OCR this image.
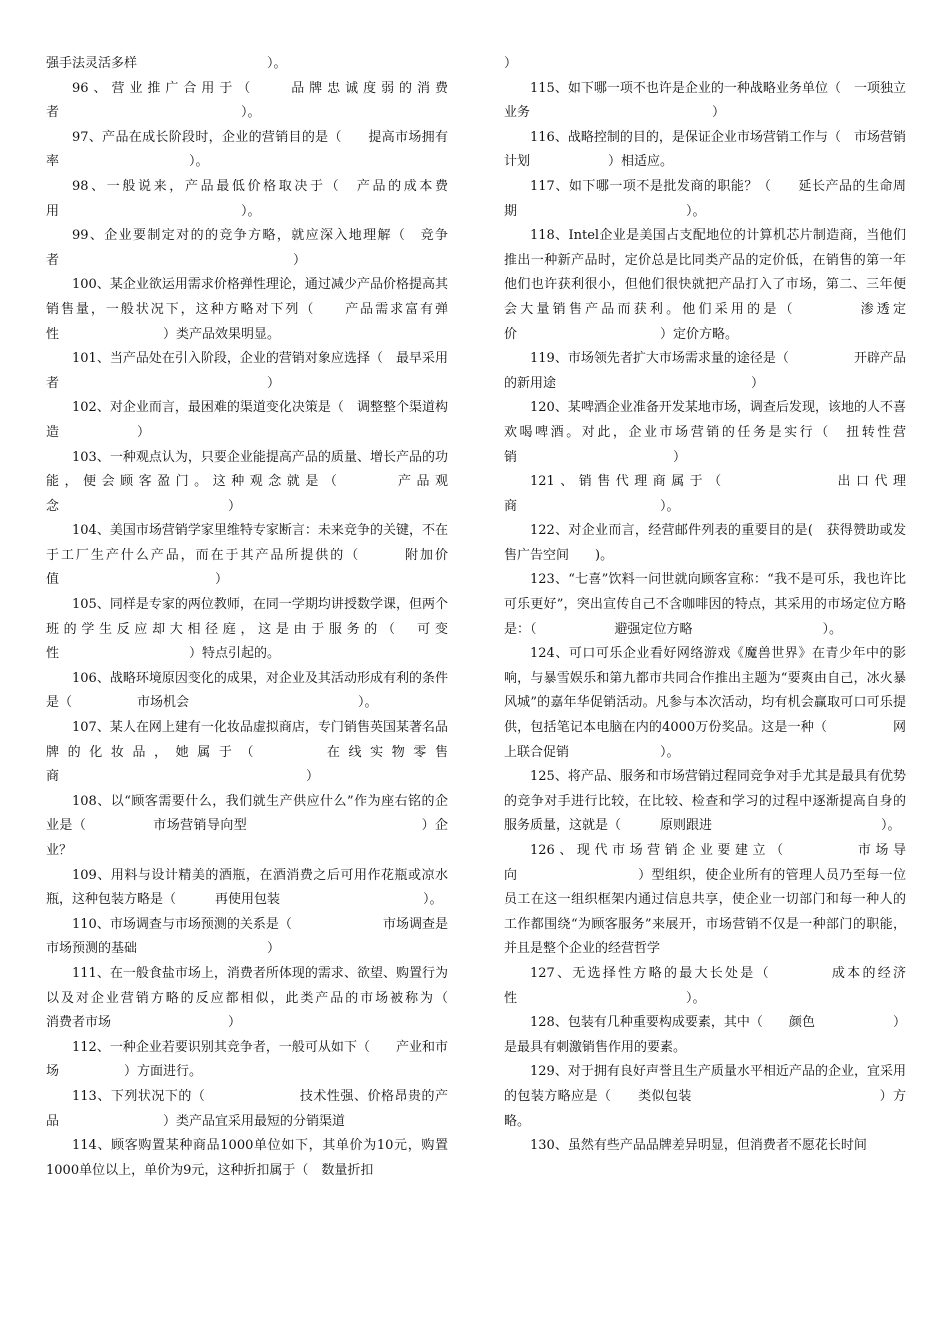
强手法灵活多样　　　　　　　　　　）。

96、营业推广合用于（　　品牌忠诚度弱的消费者　　　　　　　　　　　　　　）。

97、产品在成长阶段时，企业的营销目的是（　　提高市场拥有率　　　　　　　　　　）。

98、一般说来，产品最低价格取决于（　产品的成本费用　　　　　　　　　　　　　　）。

99、企业要制定对的的竞争方略，就应深入地理解（　竞争者　　　　　　　　　　　　　　　　　　）

100、某企业欲运用需求价格弹性理论，通过减少产品价格提高其销售量，一般状况下，这种方略对下列（　　产品需求富有弹性　　　　　　　　）类产品效果明显。

101、当产品处在引入阶段，企业的营销对象应选择（　最早采用者　　　　　　　　　　　　　　　　）

102、对企业而言，最困难的渠道变化决策是（　调整整个渠道构造　　　　　　）

103、一种观点认为，只要企业能提高产品的质量、增长产品的功能，便会顾客盈门。这种观念就是（　　　产品观念　　　　　　　　　　　　　）

104、美国市场营销学家里维特专家断言：未来竞争的关键，不在于工厂生产什么产品，而在于其产品所提供的（　　　附加价值　　　　　　　　　　　　）

105、同样是专家的两位教师，在同一学期均讲授数学课，但两个班的学生反应却大相径庭，这是由于服务的（　可变性　　　　　　　　　　）特点引起的。

106、战略环境原因变化的成果，对企业及其活动形成有利的条件是（　　　　　市场机会　　　　　　　　　　　　　）。

107、某人在网上建有一化妆品虚拟商店，专门销售英国某著名品牌的化妆品，她属于（　　　在线实物零售商　　　　　　　　　　　　　　　　　　　）

108、以“顾客需要什么，我们就生产供应什么”作为座右铭的企业是（　　　　　市场营销导向型　　　　　　　　　　　　　）企业？

109、用料与设计精美的酒瓶，在酒消费之后可用作花瓶或凉水瓶，这种包装方略是（　　　再使用包装　　　　　　　　　　　）。

110、市场调查与市场预测的关系是（　　　　　　　市场调查是市场预测的基础　　　　　　　　　　）

111、在一般食盐市场上，消费者所体现的需求、欲望、购置行为以及对企业营销方略的反应都相似，此类产品的市场被称为（　　　　　　消费者市场　　　　　　　　　）

112、一种企业若要识别其竞争者，一般可从如下（　　产业和市场　　　　　）方面进行。

113、下列状况下的（　　　　　　　技术性强、价格昂贵的产品　　　　　　　　）类产品宜采用最短的分销渠道

114、顾客购置某种商品1000单位如下，其单价为10元，购置1000单位以上，单价为9元，这种折扣属于（　数量折扣

）

115、如下哪一项不也许是企业的一种战略业务单位（　一项独立业务　　　　　　　　　　　　　　）

116、战略控制的目的，是保证企业市场营销工作与（　市场营销计划　　　　　　）相适应。

117、如下哪一项不是批发商的职能？（　　延长产品的生命周期　　　　　　　　　　　　　）。

118、Intel企业是美国占支配地位的计算机芯片制造商，当他们推出一种新产品时，定价总是比同类产品的定价低，在销售的第一年他们也许获利很小，但他们很快就把产品打入了市场，第二、三年便会大量销售产品而获利。他们采用的是（　　　　渗透定价　　　　　　　　　　　）定价方略。

119、市场领先者扩大市场需求量的途径是（　　　　　开辟产品的新用途　　　　　　　　　　　　　　　）

120、某啤酒企业准备开发某地市场，调查后发现，该地的人不喜欢喝啤酒。对此，企业市场营销的任务是实行（　扭转性营销　　　　　　　　　　　　）

121、销售代理商属于（　　　　　　出口代理商　　　　　　　　　　　）。

122、对企业而言，经营邮件列表的重要目的是(　获得赞助或发售广告空间　　)。

123、“七喜”饮料一问世就向顾客宣称：“我不是可乐，我也许比可乐更好”，突出宣传自己不含咖啡因的特点，其采用的市场定位方略是：（　　　　　　避强定位方略　　　　　　　　　　）。

124、可口可乐企业看好网络游戏《魔兽世界》在青少年中的影响，与暴雪娱乐和第九都市共同合作推出主题为“要爽由自己，冰火暴风城”的嘉年华促销活动。凡参与本次活动，均有机会赢取可口可乐提供，包括笔记本电脑在内的4000万份奖品。这是一种（　　　　　网上联合促销　　　　　　　）。

125、将产品、服务和市场营销过程同竞争对手尤其是最具有优势的竞争对手进行比较，在比较、检查和学习的过程中逐渐提高自身的服务质量，这就是（　　　原则跟进　　　　　　　　　　　　　）。

126、现代市场营销企业要建立（　　　　市场导向　　　　　　　　　）型组织，使企业所有的管理人员乃至每一位员工在这一组织框架内通过信息共享，使企业一切部门和每一种人的工作都围绕“为顾客服务”来展开，市场营销不仅是一种部门的职能，并且是整个企业的经营哲学

127、无选择性方略的最大长处是（　　　　成本的经济性　　　　　　　　　　　　　）。

128、包装有几种重要构成要素，其中（　　颜色　　　　　　）是最具有刺激销售作用的要素。

129、对于拥有良好声誉且生产质量水平相近产品的企业，宜采用的包装方略应是（　　类似包装　　　　　　　　　　　　　　）方略。

130、虽然有些产品品牌差异明显，但消费者不愿花长时间
